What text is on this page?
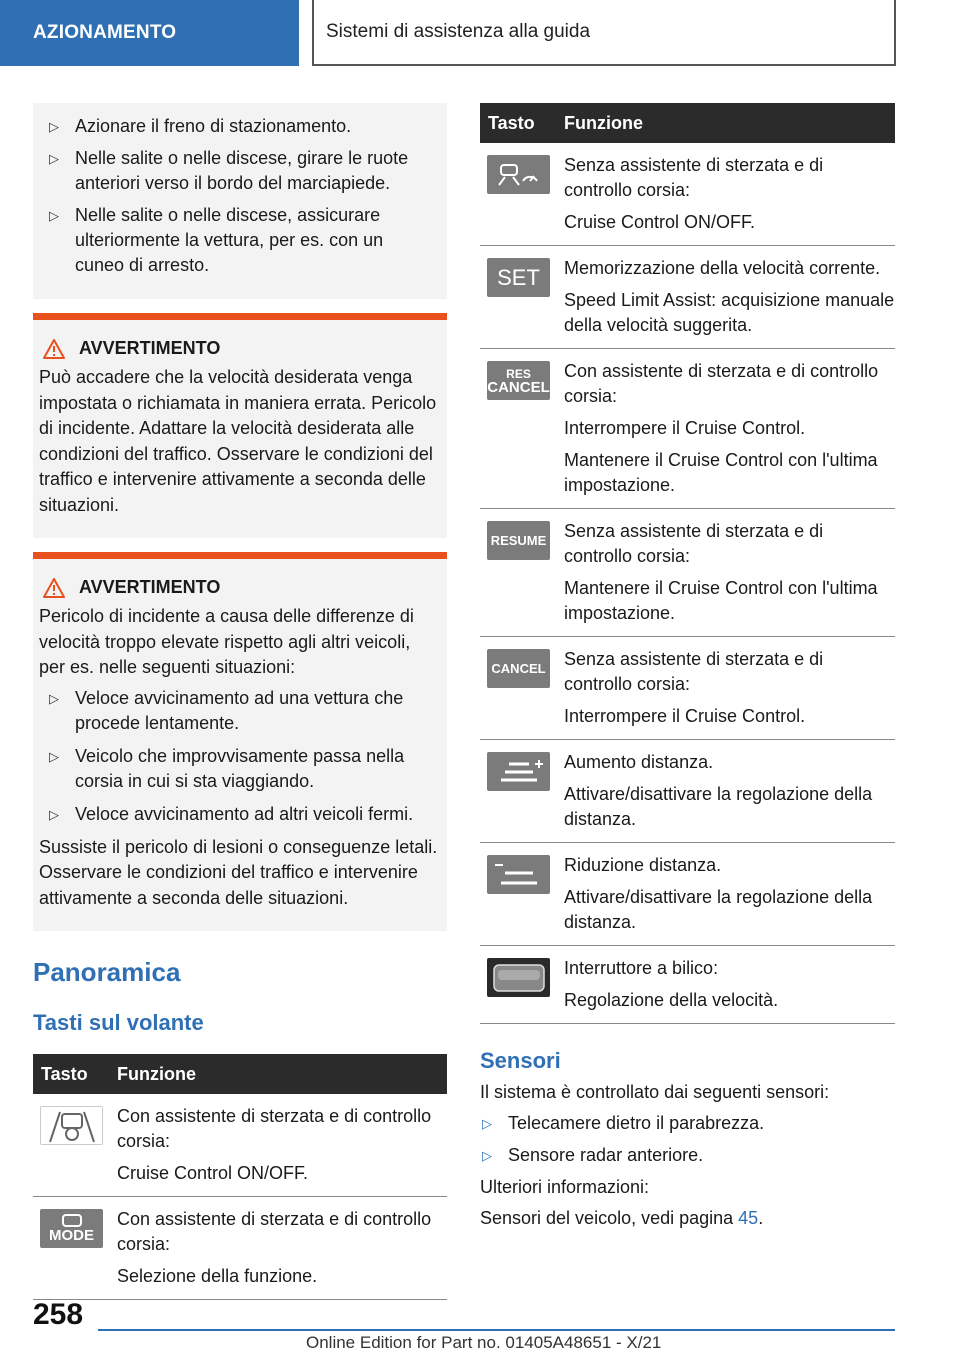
AZIONAMENTO	Sistemi di assistenza alla guida
▷ Azionare il freno di stazionamento.
▷ Nelle salite o nelle discese, girare le ruote anteriori verso il bordo del marciapiede.
▷ Nelle salite o nelle discese, assicurare ulteriormente la vettura, per es. con un cuneo di arresto.
AVVERTIMENTO

Può accadere che la velocità desiderata venga impostata o richiamata in maniera errata. Pericolo di incidente. Adattare la velocità desiderata alle condizioni del traffico. Osservare le condizioni del traffico e intervenire attivamente a seconda delle situazioni.

AVVERTIMENTO

Pericolo di incidente a causa delle differenze di velocità troppo elevate rispetto agli altri veicoli, per es. nelle seguenti situazioni:

▷ Veloce avvicinamento ad una vettura che procede lentamente.
▷ Veicolo che improvvisamente passa nella corsia in cui si sta viaggiando.
▷ Veloce avvicinamento ad altri veicoli fermi.

Sussiste il pericolo di lesioni o conseguenze letali. Osservare le condizioni del traffico e intervenire attivamente a seconda delle situazioni.

Panoramica
Tasti sul volante
Tasto	Funzione

Con assistente di sterzata e di controllo corsia:
Cruise Control ON/OFF.

MODE	Con assistente di sterzata e di controllo corsia:
Selezione della funzione.
Tasto	Funzione

Senza assistente di sterzata e di controllo corsia:
Cruise Control ON/OFF.

SET	Memorizzazione della velocità corrente.
Speed Limit Assist: acquisizione manuale della velocità suggerita.

RES
CANCEL	Con assistente di sterzata e di controllo corsia:
Interrompere il Cruise Control.
Mantenere il Cruise Control con l'ultima impostazione.

RESUME	Senza assistente di sterzata e di controllo corsia:
Mantenere il Cruise Control con l'ultima impostazione.

CANCEL	Senza assistente di sterzata e di controllo corsia:
Interrompere il Cruise Control.

Aumento distanza.
Attivare/disattivare la regolazione della distanza.

Riduzione distanza.
Attivare/disattivare la regolazione della distanza.

Interruttore a bilico:
Regolazione della velocità.
Sensori

Il sistema è controllato dai seguenti sensori:

▷ Telecamere dietro il parabrezza.
▷ Sensore radar anteriore.

Ulteriori informazioni:

Sensori del veicolo, vedi pagina 45.

258
Online Edition for Part no. 01405A48651 - X/21
